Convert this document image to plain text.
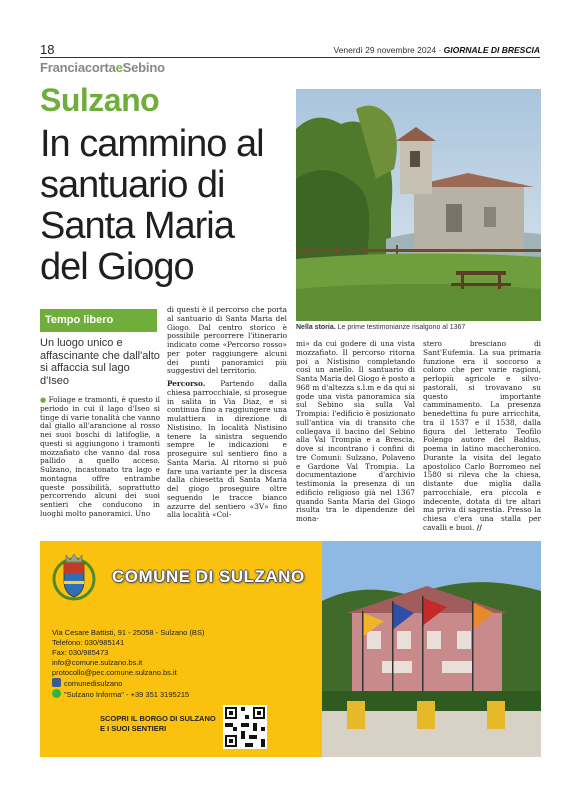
18	Venerdì 29 novembre 2024 · GIORNALE DI BRESCIA
FranciacortaeSebino
Sulzano
In cammino al santuario di Santa Maria del Giogo
Nella storia. Le prime testimonianze risalgono al 1367
Tempo libero
Un luogo unico e affascinante che dall'alto si affaccia sul lago d'Iseo

● Foliage e tramonti, è questo il periodo in cui il lago d'Iseo si tinge di varie tonalità che vanno dal giallo all'arancione al rosso nei suoi boschi di latifoglie, a questi si aggiungono i tramonti mozzafiato che vanno dal rosa pallido a quello acceso. Sulzano, incastonato tra lago e montagna offre entrambe queste possibilità, soprattutto percorrendo alcuni dei suoi sentieri che conducono in luoghi molto panoramici. Uno

di questi è il percorso che porta al santuario di Santa Maria del Giogo. Dal centro storico è possibile percorrere l'itinerario indicato come «Percorso rosso» per poter raggiungere alcuni dei punti panoramici più suggestivi del territorio.

Percorso. Partendo dalla chiesa parrocchiale, si prosegue in salita in Via Diaz, e si continua fino a raggiungere una mulattiera in direzione di Nistisino. In località Nistisino tenere la sinistra seguendo sempre le indicazioni e proseguire sul sentiero fino a Santa Maria. Al ritorno si può fare una variante per la discesa dalla chiesetta di Santa Maria del giogo proseguire oltre seguendo le tracce bianco azzurre del sentiero «3V» fino alla località «Col-

mi» da cui godere di una vista mozzafiato. Il percorso ritorna poi a Nistisino completando così un anello. Il santuario di Santa Maria del Giogo è posto a 968 m d'altezza s.l.m e da qui si gode una vista panoramica sia sul Sebino sia sulla Val Trompia: l'edificio è posizionato sull'antica via di transito che collegava il bacino del Sebino alla Val Trompia e a Brescia, dove si incontrano i confini di tre Comuni: Sulzano, Polaveno e Gardone Val Trompia. La documentazione d'archivio testimonia la presenza di un edificio religioso già nel 1367 quando Santa Maria del Giogo risulta tra le dipendenze del mona-

stero bresciano di Sant'Eufemia. La sua primaria funzione era il soccorso a coloro che per varie ragioni, perlopiù agricole e silvo-pastorali, si trovavano su questo importante camminamento. La presenza benedettina fu pure arricchita, tra il 1537 e il 1538, dalla figura del letterato Teofilo Folengo autore del Baldus, poema in latino maccheronico. Durante la visita del legato apostolico Carlo Borromeo nel 1580 si rileva che la chiesa, distante due miglia dalla parrocchiale, era piccola e indecente, dotata di tre altari ma priva di sagrestia. Presso la chiesa c'era una stalla per cavalli e buoi. //

COMUNE DI SULZANO
Via Cesare Battisti, 91 - 25058 - Sulzano (BS)
Telefono: 030/985141
Fax: 030/985473
info@comune.sulzano.bs.it
protocollo@pec.comune.sulzano.bs.it
comunedisulzano
"Sulzano Informa" - +39 351 3195215
SCOPRI IL BORGO DI SULZANO
E I SUOI SENTIERI
